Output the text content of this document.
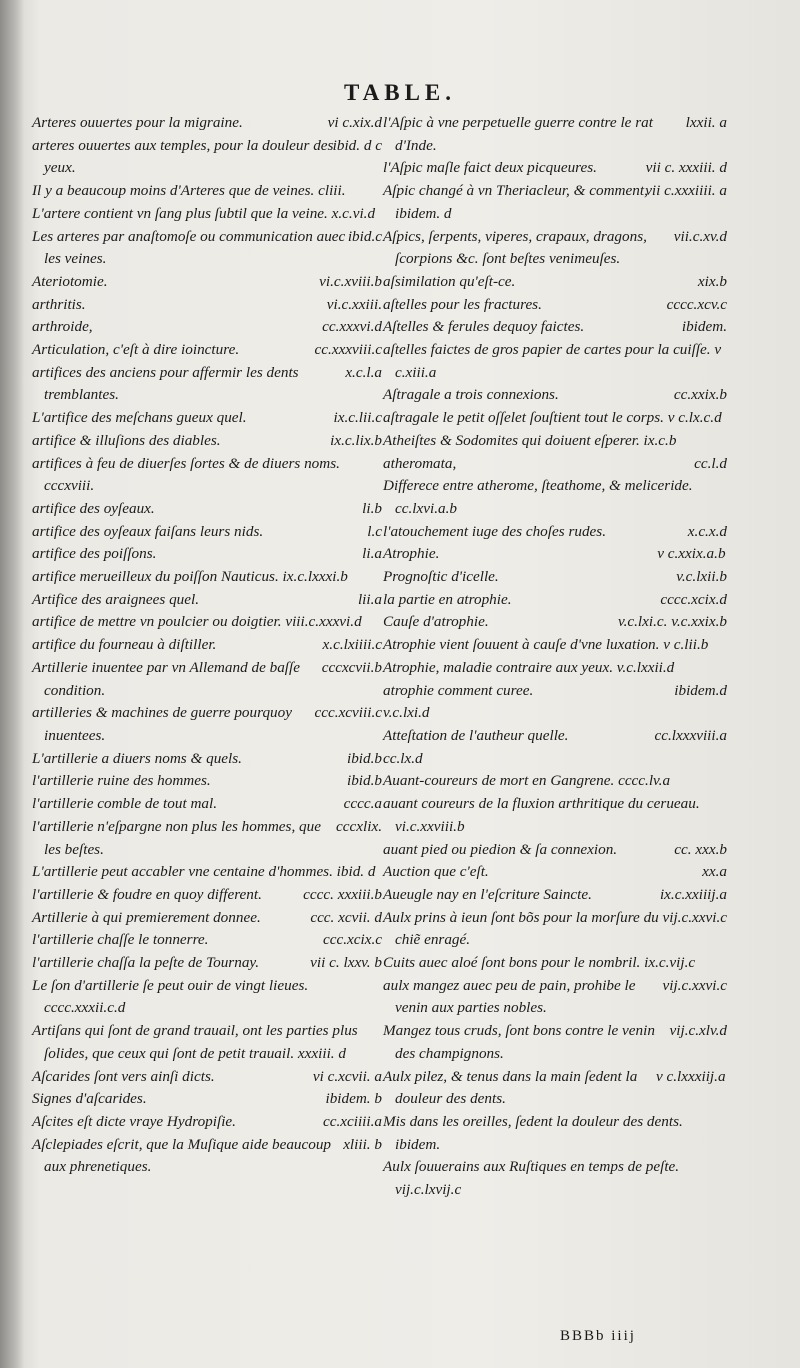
TABLE.
vi c.xix.d
Arteres ouuertes pour la migraine.
ibid. d c
arteres ouuertes aux temples, pour la douleur des yeux.
Il y a beaucoup moins d'Arteres que de veines. cliii.
L'artere contient vn ſang plus ſubtil que la veine. x.c.vi.d
ibid.c
Les arteres par anaſtomoſe ou communication auec les veines.
vi.c.xviii.b
Ateriotomie.
vi.c.xxiii.
arthritis.
cc.xxxvi.d
arthroide,
cc.xxxviii.c
Articulation, c'eſt à dire ioincture.
x.c.l.a
artifices des anciens pour affermir les dents tremblantes.
ix.c.lii.c
L'artifice des meſchans gueux quel.
ix.c.lix.b
artifice & illuſions des diables.
artifices à feu de diuerſes ſortes & de diuers noms. cccxviii.
li.b
artifice des oyſeaux.
l.c
artifice des oyſeaux faiſans leurs nids.
li.a
artifice des poiſſons.
artifice merueilleux du poiſſon Nauticus. ix.c.lxxxi.b
lii.a
Artifice des araignees quel.
artifice de mettre vn poulcier ou doigtier. viii.c.xxxvi.d
x.c.lxiiii.c
artifice du fourneau à diſtiller.
cccxcvii.b
Artillerie inuentee par vn Allemand de baſſe condition.
ccc.xcviii.c
artilleries & machines de guerre pourquoy inuentees.
ibid.b
L'artillerie a diuers noms & quels.
ibid.b
l'artillerie ruine des hommes.
cccc.a
l'artillerie comble de tout mal.
cccxlix.
l'artillerie n'eſpargne non plus les hommes, que les beſtes.
L'artillerie peut accabler vne centaine d'hommes. ibid. d
cccc. xxxiii.b
l'artillerie & foudre en quoy different.
ccc. xcvii. d
Artillerie à qui premierement donnee.
ccc.xcix.c
l'artillerie chaſſe le tonnerre.
vii c. lxxv. b
l'artillerie chaſſa la peſte de Tournay.
Le ſon d'artillerie ſe peut ouir de vingt lieues. cccc.xxxii.c.d
Artiſans qui ſont de grand trauail, ont les parties plus ſolides, que ceux qui ſont de petit trauail. xxxiii. d
vi c.xcvii. a
Aſcarides ſont vers ainſi dicts.
ibidem. b
Signes d'aſcarides.
cc.xciiii.a
Aſcites eſt dicte vraye Hydropiſie.
xliii. b
Aſclepiades eſcrit, que la Muſique aide beaucoup aux phrenetiques.
lxxii. a
l'Aſpic à vne perpetuelle guerre contre le rat d'Inde.
vii c. xxxiii. d
l'Aſpic maſle faict deux picqueures.
vii c.xxxiiii. a
Aſpic changé à vn Theriacleur, & comment, ibidem. d
vii.c.xv.d
Aſpics, ſerpents, viperes, crapaux, dragons, ſcorpions &c. ſont beſtes venimeuſes.
xix.b
aſsimilation qu'eſt-ce.
cccc.xcv.c
aſtelles pour les fractures.
ibidem.
Aſtelles & ferules dequoy faictes.
aſtelles faictes de gros papier de cartes pour la cuiſſe. v c.xiii.a
cc.xxix.b
Aſtragale a trois connexions.
aſtragale le petit oſſelet ſouſtient tout le corps. v c.lx.c.d
Atheiſtes & Sodomites qui doiuent eſperer. ix.c.b
cc.l.d
atheromata,
Differece entre atherome, ſteathome, & meliceride. cc.lxvi.a.b
x.c.x.d
l'atouchement iuge des choſes rudes.
v c.xxix.a.b
Atrophie.
v.c.lxii.b
Prognoſtic d'icelle.
cccc.xcix.d
la partie en atrophie.
v.c.lxi.c. v.c.xxix.b
Cauſe d'atrophie.
Atrophie vient ſouuent à cauſe d'vne luxation. v c.lii.b
Atrophie, maladie contraire aux yeux. v.c.lxxii.d
ibidem.d
atrophie comment curee.
v.c.lxi.d
cc.lxxxviii.a
Atteſtation de l'autheur quelle.
cc.lx.d
Auant-coureurs de mort en Gangrene. cccc.lv.a
auant coureurs de la fluxion arthritique du cerueau. vi.c.xxviii.b
cc. xxx.b
auant pied ou piedion & ſa connexion.
xx.a
Auction que c'eſt.
ix.c.xxiiij.a
Aueugle nay en l'eſcriture Saincte.
vij.c.xxvi.c
Aulx prins à ieun ſont bõs pour la morſure du chiẽ enragé.
Cuits auec aloé ſont bons pour le nombril. ix.c.vij.c
vij.c.xxvi.c
aulx mangez auec peu de pain, prohibe le venin aux parties nobles.
vij.c.xlv.d
Mangez tous cruds, ſont bons contre le venin des champignons.
v c.lxxxiij.a
Aulx pilez, & tenus dans la main ſedent la douleur des dents.
Mis dans les oreilles, ſedent la douleur des dents. ibidem.
Aulx ſouuerains aux Ruſtiques en temps de peſte. vij.c.lxvij.c
BBBb iiij
